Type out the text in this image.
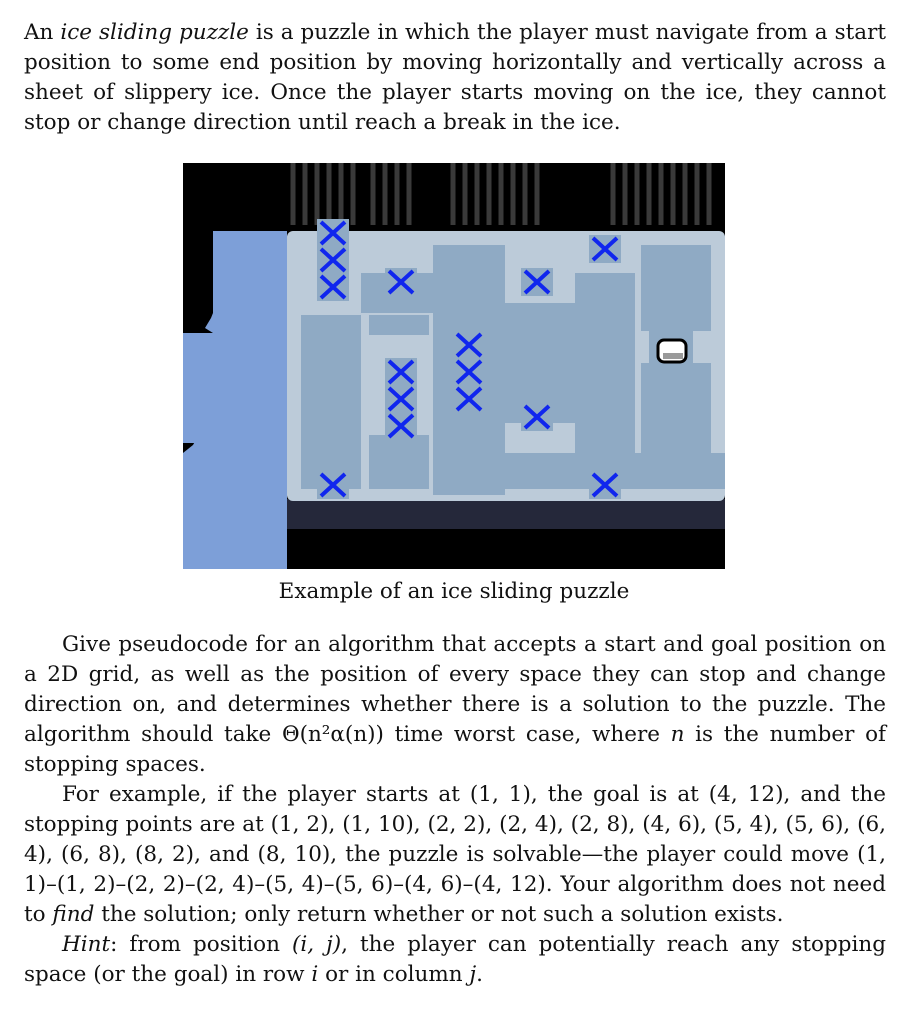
An ice sliding puzzle is a puzzle in which the player must navigate from a start position to some end position by moving horizontally and vertically across a sheet of slippery ice. Once the player starts moving on the ice, they cannot stop or change direction until reach a break in the ice.

Example of an ice sliding puzzle

Give pseudocode for an algorithm that accepts a start and goal position on a 2D grid, as well as the position of every space they can stop and change direction on, and determines whether there is a solution to the puzzle. The algorithm should take Θ(n²α(n)) time worst case, where n is the number of stopping spaces.

For example, if the player starts at (1, 1), the goal is at (4, 12), and the stopping points are at (1, 2), (1, 10), (2, 2), (2, 4), (2, 8), (4, 6), (5, 4), (5, 6), (6, 4), (6, 8), (8, 2), and (8, 10), the puzzle is solvable—the player could move (1, 1)–(1, 2)–(2, 2)–(2, 4)–(5, 4)–(5, 6)–(4, 6)–(4, 12). Your algorithm does not need to find the solution; only return whether or not such a solution exists.

Hint: from position (i, j), the player can potentially reach any stopping space (or the goal) in row i or in column j.
